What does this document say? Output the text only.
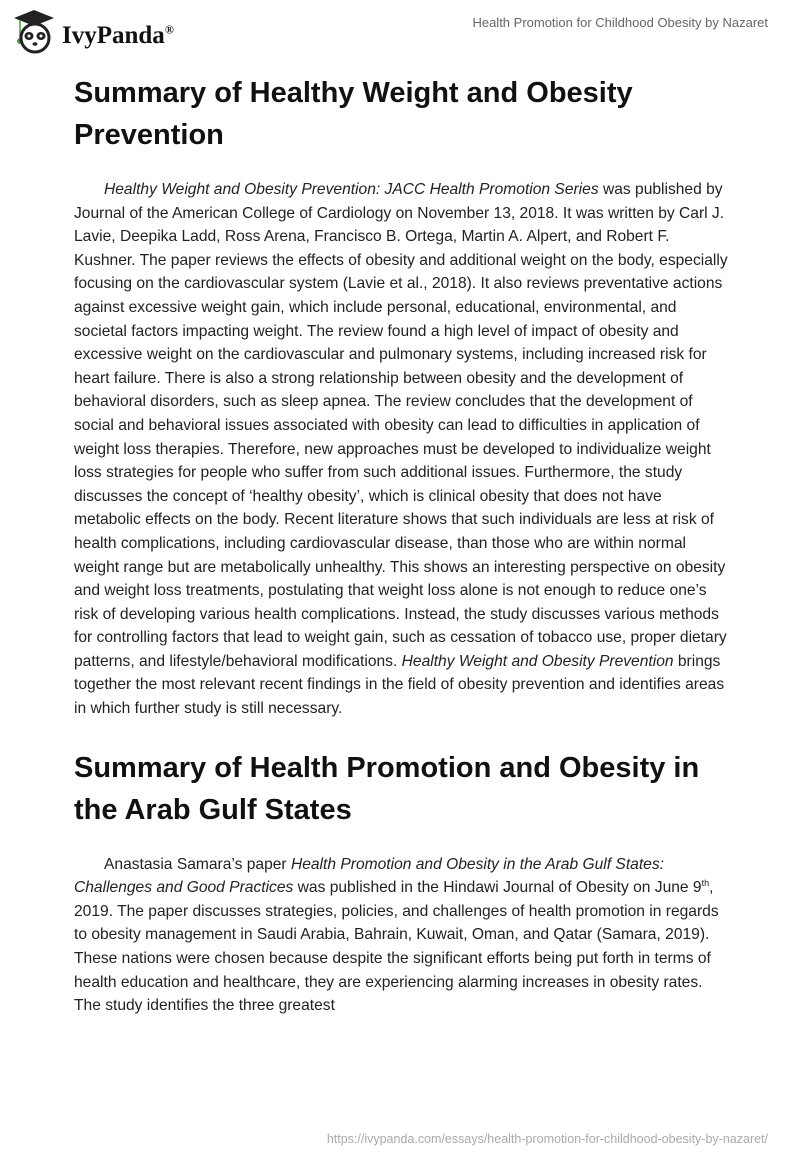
IvyPanda®	Health Promotion for Childhood Obesity by Nazaret
Summary of Healthy Weight and Obesity Prevention

Healthy Weight and Obesity Prevention: JACC Health Promotion Series was published by Journal of the American College of Cardiology on November 13, 2018. It was written by Carl J. Lavie, Deepika Ladd, Ross Arena, Francisco B. Ortega, Martin A. Alpert, and Robert F. Kushner. The paper reviews the effects of obesity and additional weight on the body, especially focusing on the cardiovascular system (Lavie et al., 2018). It also reviews preventative actions against excessive weight gain, which include personal, educational, environmental, and societal factors impacting weight. The review found a high level of impact of obesity and excessive weight on the cardiovascular and pulmonary systems, including increased risk for heart failure. There is also a strong relationship between obesity and the development of behavioral disorders, such as sleep apnea. The review concludes that the development of social and behavioral issues associated with obesity can lead to difficulties in application of weight loss therapies. Therefore, new approaches must be developed to individualize weight loss strategies for people who suffer from such additional issues. Furthermore, the study discusses the concept of ‘healthy obesity’, which is clinical obesity that does not have metabolic effects on the body. Recent literature shows that such individuals are less at risk of health complications, including cardiovascular disease, than those who are within normal weight range but are metabolically unhealthy. This shows an interesting perspective on obesity and weight loss treatments, postulating that weight loss alone is not enough to reduce one’s risk of developing various health complications. Instead, the study discusses various methods for controlling factors that lead to weight gain, such as cessation of tobacco use, proper dietary patterns, and lifestyle/behavioral modifications. Healthy Weight and Obesity Prevention brings together the most relevant recent findings in the field of obesity prevention and identifies areas in which further study is still necessary.

Summary of Health Promotion and Obesity in the Arab Gulf States

Anastasia Samara’s paper Health Promotion and Obesity in the Arab Gulf States: Challenges and Good Practices was published in the Hindawi Journal of Obesity on June 9th, 2019. The paper discusses strategies, policies, and challenges of health promotion in regards to obesity management in Saudi Arabia, Bahrain, Kuwait, Oman, and Qatar (Samara, 2019). These nations were chosen because despite the significant efforts being put forth in terms of health education and healthcare, they are experiencing alarming increases in obesity rates. The study identifies the three greatest

https://ivypanda.com/essays/health-promotion-for-childhood-obesity-by-nazaret/
